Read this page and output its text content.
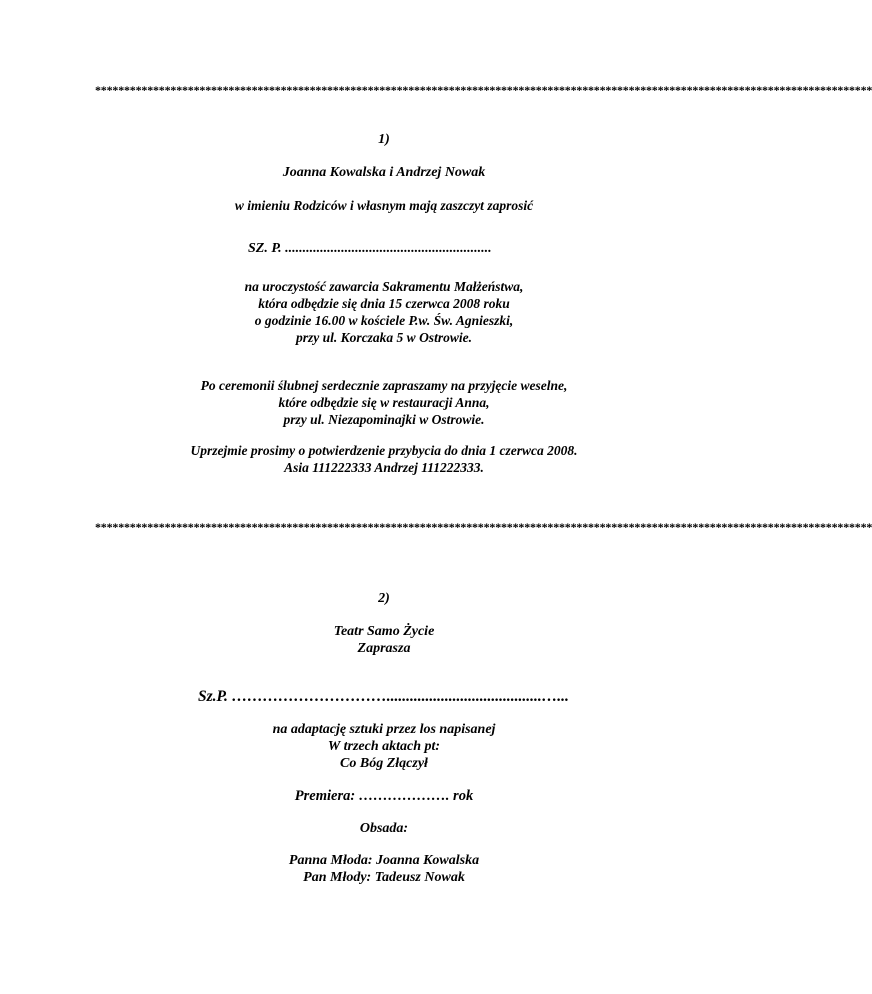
**************************************************************************************************************************************
1)
Joanna Kowalska i Andrzej Nowak
w imieniu Rodziców i własnym mają zaszczyt zaprosić
SZ. P. ...........................................................
na uroczystość zawarcia Sakramentu Małżeństwa,
która odbędzie się dnia 15 czerwca 2008 roku
o godzinie 16.00 w kościele P.w. Św. Agnieszki,
przy ul. Korczaka 5 w Ostrowie.
Po ceremonii ślubnej serdecznie zapraszamy na przyjęcie weselne,
które odbędzie się w restauracji Anna,
przy ul. Niezapominajki w Ostrowie.
Uprzejmie prosimy o potwierdzenie przybycia do dnia 1 czerwca 2008.
Asia 111222333 Andrzej 111222333.
**************************************************************************************************************************************
2)
Teatr Samo Życie
Zaprasza
Sz.P. …………………………........................................…...
na adaptację sztuki przez los napisanej
W trzech aktach pt:
Co Bóg Złączył
Premiera: ………………. rok
Obsada:
Panna Młoda: Joanna Kowalska
Pan Młody: Tadeusz Nowak
